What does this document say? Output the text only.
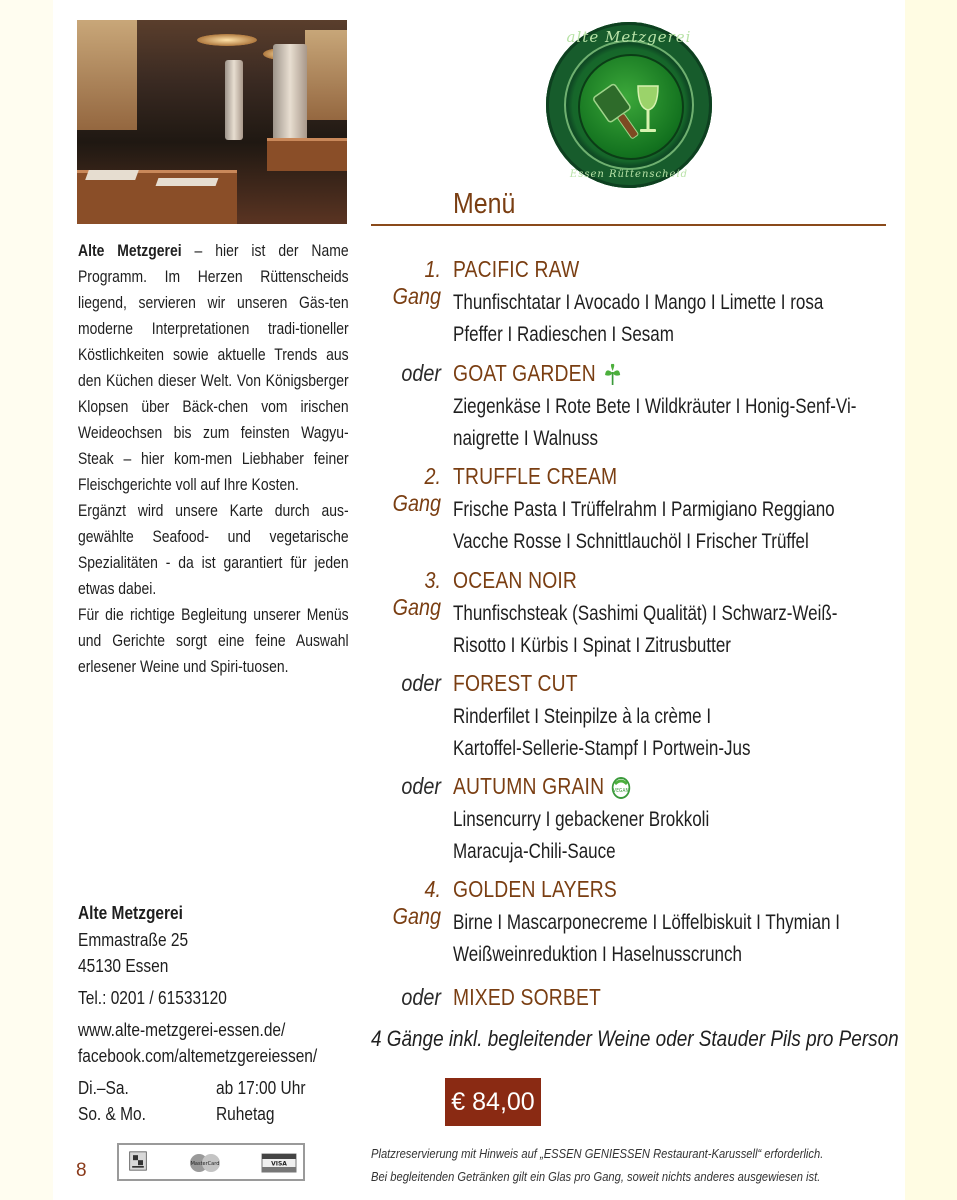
alte Metzgerei
Essen Rüttenscheid
Menü

Alte Metzgerei – hier ist der Name Programm. Im Herzen Rüttenscheids liegend, servieren wir unseren Gäs-ten moderne Interpretationen tradi-tioneller Köstlichkeiten sowie aktuelle Trends aus den Küchen dieser Welt. Von Königsberger Klopsen über Bäck-chen vom irischen Weideochsen bis zum feinsten Wagyu-Steak – hier kom-men Liebhaber feiner Fleischgerichte voll auf Ihre Kosten.

Ergänzt wird unsere Karte durch aus-gewählte Seafood- und vegetarische Spezialitäten - da ist garantiert für jeden etwas dabei.

Für die richtige Begleitung unserer Menüs und Gerichte sorgt eine feine Auswahl erlesener Weine und Spiri-tuosen.

1. Gang
PACIFIC RAW
Thunfischtatar I Avocado I Mango I Limette I rosa
Pfeffer I Radieschen I Sesam
oder GOAT GARDEN
Ziegenkäse I Rote Bete I Wildkräuter I Honig-Senf-Vi-
naigrette I Walnuss
2. Gang
TRUFFLE CREAM
Frische Pasta I Trüffelrahm I Parmigiano Reggiano
Vacche Rosse I Schnittlauchöl I Frischer Trüffel
3. Gang
OCEAN NOIR
Thunfischsteak (Sashimi Qualität) I Schwarz-Weiß-
Risotto I Kürbis I Spinat I Zitrusbutter
oder FOREST CUT
Rinderfilet I Steinpilze à la crème I
Kartoffel-Sellerie-Stampf I Portwein-Jus
oder AUTUMN GRAIN VEGAN
Linsencurry I gebackener Brokkoli
Maracuja-Chili-Sauce
4. Gang
GOLDEN LAYERS
Birne I Mascarponecreme I Löffelbiskuit I Thymian I
Weißweinreduktion I Haselnusscrunch
oder MIXED SORBET
4 Gänge inkl. begleitender Weine oder Stauder Pils pro Person
€ 84,00
Platzreservierung mit Hinweis auf „ESSEN GENIESSEN Restaurant-Karussell“ erforderlich.
Bei begleitenden Getränken gilt ein Glas pro Gang, soweit nichts anderes ausgewiesen ist.
Alte Metzgerei
Emmastraße 25
45130 Essen
Tel.: 0201 / 61533120
www.alte-metzgerei-essen.de/
facebook.com/altemetzgereiessen/
Di.–Sa.	ab 17:00 Uhr
So. & Mo.	Ruhetag
8	MasterCard	VISA
